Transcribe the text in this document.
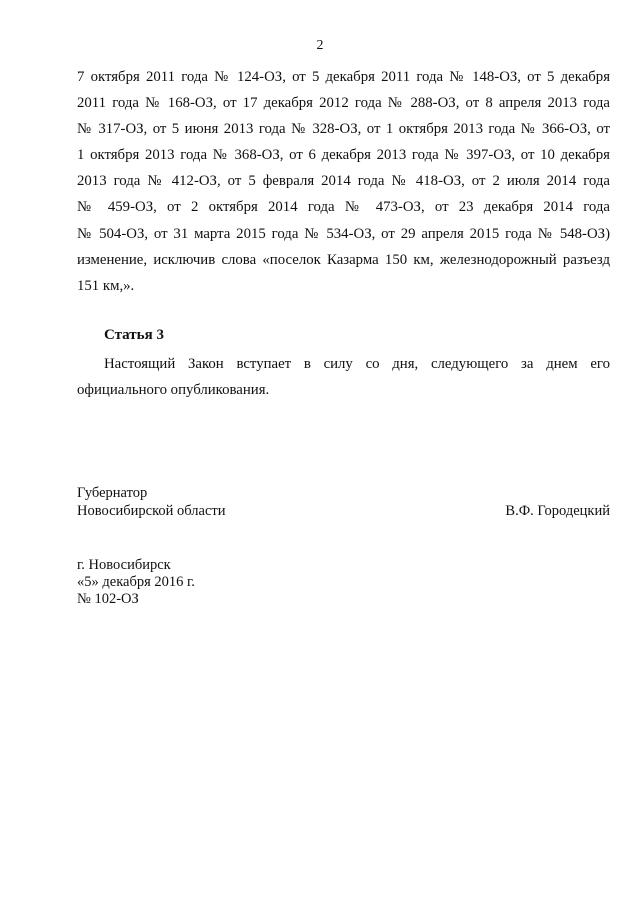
2
7 октября 2011 года № 124-ОЗ, от 5 декабря 2011 года № 148-ОЗ, от 5 декабря
2011 года № 168-ОЗ, от 17 декабря 2012 года № 288-ОЗ, от 8 апреля 2013 года
№ 317-ОЗ, от 5 июня 2013 года № 328-ОЗ, от 1 октября 2013 года № 366-ОЗ, от
1 октября 2013 года № 368-ОЗ, от 6 декабря 2013 года № 397-ОЗ, от 10 декабря
2013 года № 412-ОЗ, от 5 февраля 2014 года № 418-ОЗ, от 2 июля 2014 года
№ 459-ОЗ, от 2 октября 2014 года № 473-ОЗ, от 23 декабря 2014 года
№ 504-ОЗ, от 31 марта 2015 года № 534-ОЗ, от 29 апреля 2015 года № 548-ОЗ)
изменение, исключив слова «поселок Казарма 150 км, железнодорожный разъезд
151 км,».
Статья 3
Настоящий Закон вступает в силу со дня, следующего за днем его
официального опубликования.
Губернатор
Новосибирской области	В.Ф. Городецкий
г. Новосибирск
«5» декабря 2016 г.
№ 102-ОЗ
